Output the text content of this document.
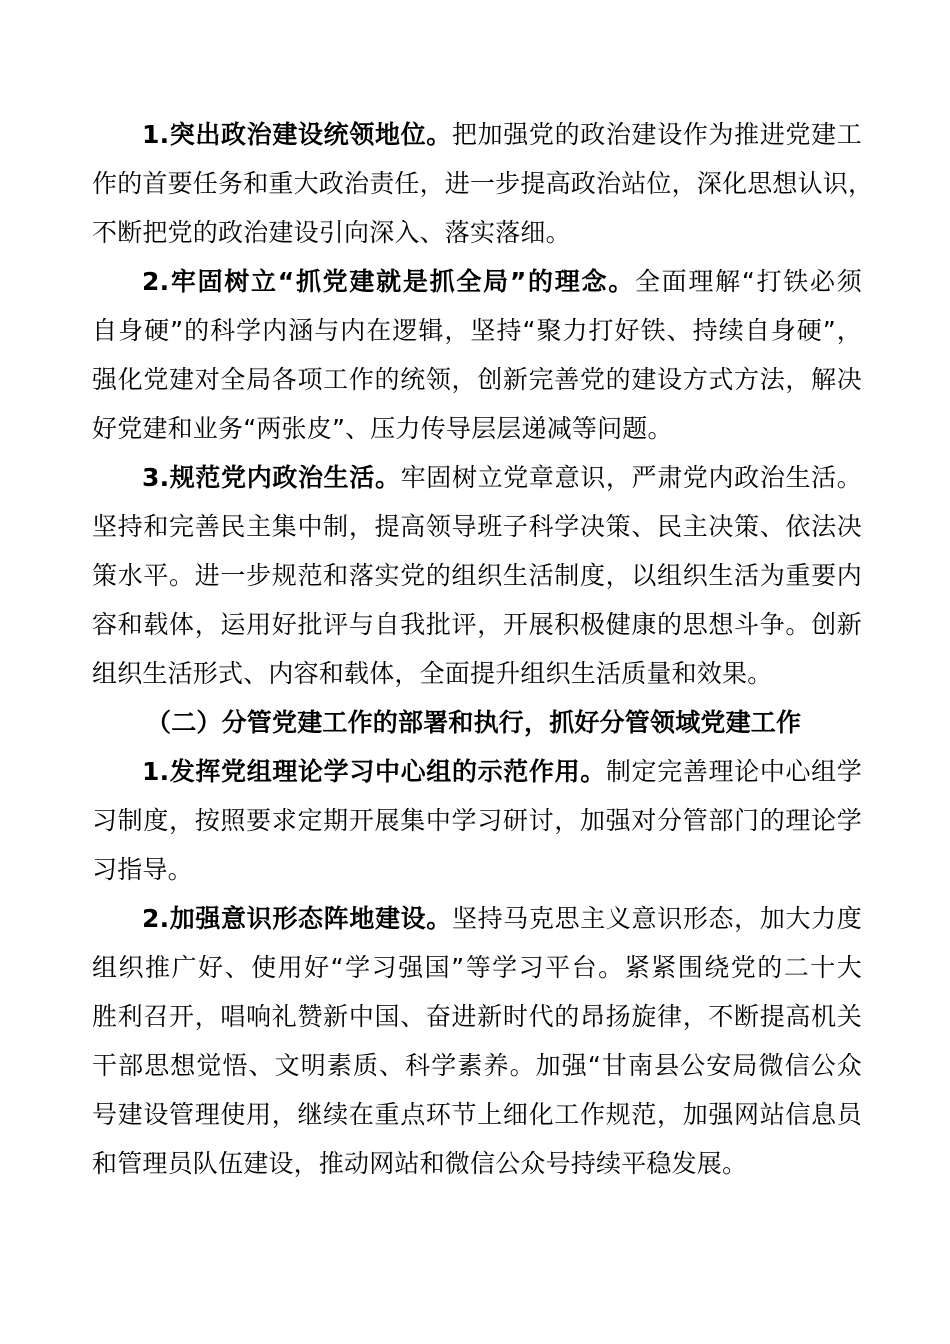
1.突出政治建设统领地位。把加强党的政治建设作为推进党建工
作的首要任务和重大政治责任，进一步提高政治站位，深化思想认识，
不断把党的政治建设引向深入、落实落细。

2.牢固树立“抓党建就是抓全局”的理念。全面理解“打铁必须
自身硬”的科学内涵与内在逻辑，坚持“聚力打好铁、持续自身硬”，
强化党建对全局各项工作的统领，创新完善党的建设方式方法，解决
好党建和业务“两张皮”、压力传导层层递减等问题。

3.规范党内政治生活。牢固树立党章意识，严肃党内政治生活。
坚持和完善民主集中制，提高领导班子科学决策、民主决策、依法决
策水平。进一步规范和落实党的组织生活制度，以组织生活为重要内
容和载体，运用好批评与自我批评，开展积极健康的思想斗争。创新
组织生活形式、内容和载体，全面提升组织生活质量和效果。

（二）分管党建工作的部署和执行，抓好分管领域党建工作

1.发挥党组理论学习中心组的示范作用。制定完善理论中心组学
习制度，按照要求定期开展集中学习研讨，加强对分管部门的理论学
习指导。

2.加强意识形态阵地建设。坚持马克思主义意识形态，加大力度
组织推广好、使用好“学习强国”等学习平台。紧紧围绕党的二十大
胜利召开，唱响礼赞新中国、奋进新时代的昂扬旋律，不断提高机关
干部思想觉悟、文明素质、科学素养。加强“甘南县公安局微信公众
号建设管理使用，继续在重点环节上细化工作规范，加强网站信息员
和管理员队伍建设，推动网站和微信公众号持续平稳发展。
